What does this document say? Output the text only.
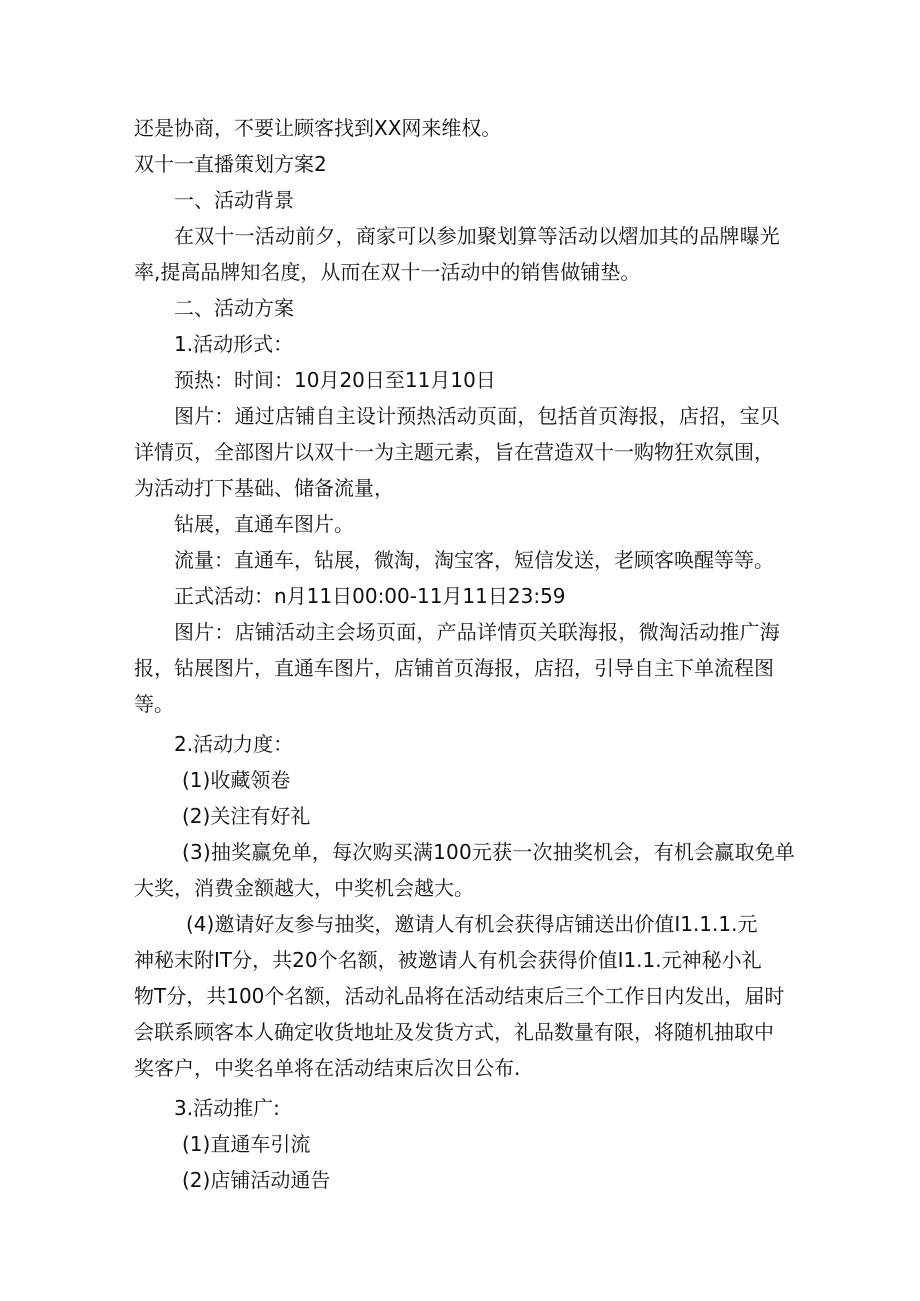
还是协商，不要让顾客找到XX网来维权。
双十一直播策划方案2
一、活动背景
在双十一活动前夕，商家可以参加聚划算等活动以熠加其的品牌曝光
率,提高品牌知名度，从而在双十一活动中的销售做铺垫。
二、活动方案
1.活动形式：
预热：时间：10月20日至11月10日
图片：通过店铺自主设计预热活动页面，包括首页海报，店招，宝贝
详情页，全部图片以双十一为主题元素，旨在营造双十一购物狂欢氛围，
为活动打下基础、储备流量，
钻展，直通车图片。
流量：直通车，钻展，微淘，淘宝客，短信发送，老顾客唤醒等等。
正式活动：n月11日00:00-11月11日23:59
图片：店铺活动主会场页面，产品详情页关联海报，微淘活动推广海
报，钻展图片，直通车图片，店铺首页海报，店招，引导自主下单流程图
等。
2.活动力度：
(1)收藏领卷
(2)关注有好礼
(3)抽奖赢免单，每次购买满100元获一次抽奖机会，有机会赢取免单
大奖，消费金额越大，中奖机会越大。
(4)邀请好友参与抽奖，邀请人有机会获得店铺送出价值I1.1.1.元
神秘末附IT分，共20个名额，被邀请人有机会获得价值I1.1.元神秘小礼
物T分，共100个名额，活动礼品将在活动结束后三个工作日内发出，届时
会联系顾客本人确定收货地址及发货方式，礼品数量有限，将随机抽取中
奖客户，中奖名单将在活动结束后次日公布.
3.活动推广:
(1)直通车引流
(2)店铺活动通告
